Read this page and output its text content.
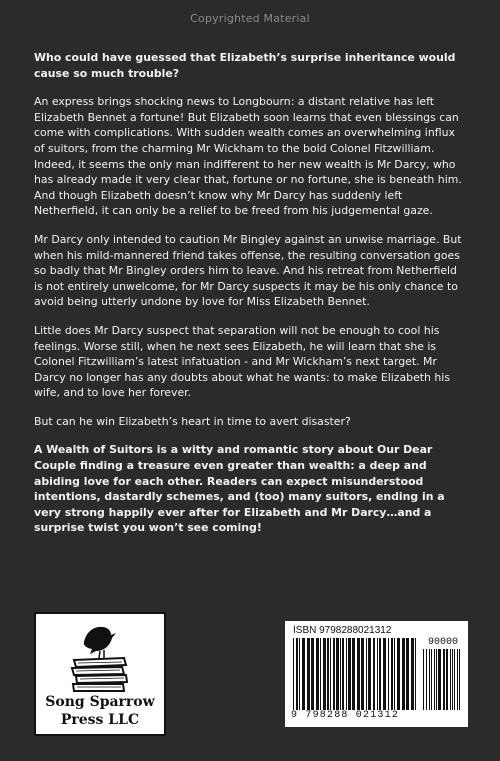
Copyrighted Material

Who could have guessed that Elizabeth’s surprise inheritance would cause so much trouble?

An express brings shocking news to Longbourn: a distant relative has left Elizabeth Bennet a fortune! But Elizabeth soon learns that even blessings can come with complications. With sudden wealth comes an overwhelming influx of suitors, from the charming Mr Wickham to the bold Colonel Fitzwilliam. Indeed, it seems the only man indifferent to her new wealth is Mr Darcy, who has already made it very clear that, fortune or no fortune, she is beneath him. And though Elizabeth doesn’t know why Mr Darcy has suddenly left Netherfield, it can only be a relief to be freed from his judgemental gaze.

Mr Darcy only intended to caution Mr Bingley against an unwise marriage. But when his mild-mannered friend takes offense, the resulting conversation goes so badly that Mr Bingley orders him to leave. And his retreat from Netherfield is not entirely unwelcome, for Mr Darcy suspects it may be his only chance to avoid being utterly undone by love for Miss Elizabeth Bennet.

Little does Mr Darcy suspect that separation will not be enough to cool his feelings. Worse still, when he next sees Elizabeth, he will learn that she is Colonel Fitzwilliam’s latest infatuation - and Mr Wickham’s next target. Mr Darcy no longer has any doubts about what he wants: to make Elizabeth his wife, and to love her forever.

But can he win Elizabeth’s heart in time to avert disaster?

A Wealth of Suitors is a witty and romantic story about Our Dear Couple finding a treasure even greater than wealth: a deep and abiding love for each other. Readers can expect misunderstood intentions, dastardly schemes, and (too) many suitors, ending in a very strong happily ever after for Elizabeth and Mr Darcy…and a surprise twist you won’t see coming!

Song Sparrow
Press LLC
ISBN 9798288021312
90000
9 798288 021312
